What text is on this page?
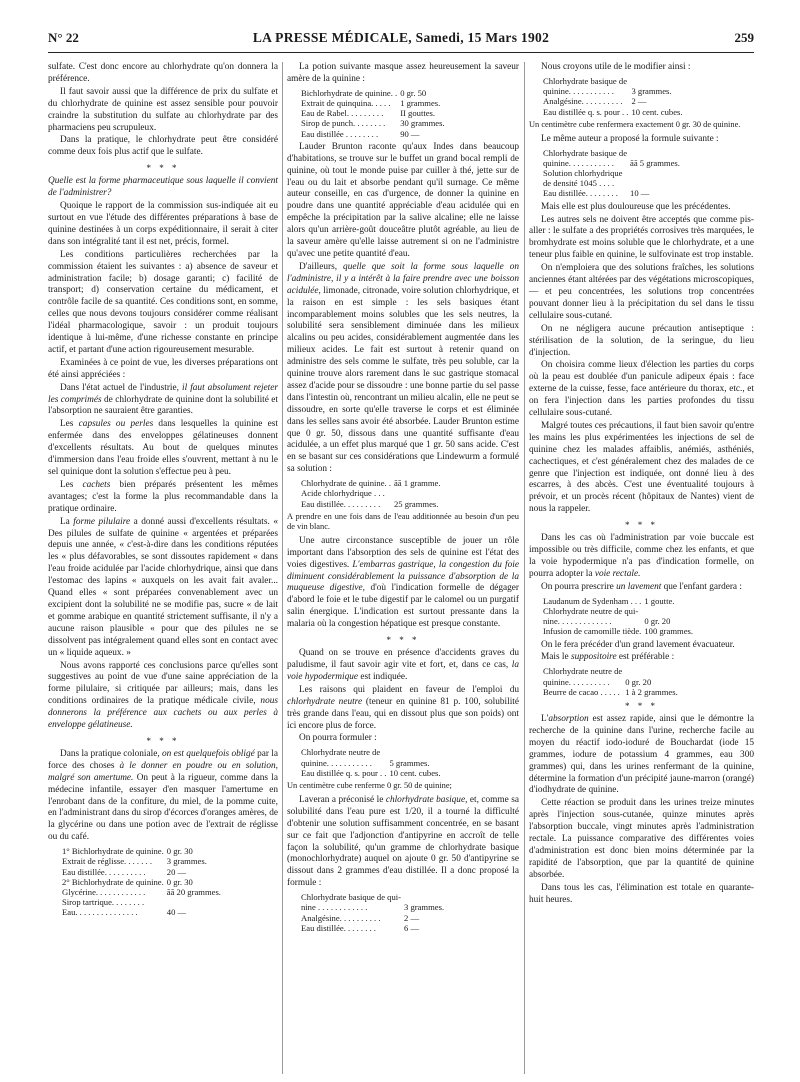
N° 22	LA PRESSE MÉDICALE, Samedi, 15 Mars 1902	259

sulfate. C'est donc encore au chlorhydrate qu'on donnera la préférence.

Il faut savoir aussi que la différence de prix du sulfate et du chlorhydrate de quinine est assez sensible pour pouvoir craindre la substitution du sulfate au chlorhydrate par des pharmaciens peu scrupuleux.

Dans la pratique, le chlorhydrate peut être considéré comme deux fois plus actif que le sulfate.

* * *

Quelle est la forme pharmaceutique sous laquelle il convient de l'administrer?

Quoique le rapport de la commission sus-indiquée ait eu surtout en vue l'étude des différentes préparations à base de quinine destinées à un corps expéditionnaire, il serait à citer dans son intégralité tant il est net, précis, formel.

Les conditions particulières recherchées par la commission étaient les suivantes : a) absence de saveur et administration facile; b) dosage garanti; c) facilité de transport; d) conservation certaine du médicament, et contrôle facile de sa quantité. Ces conditions sont, en somme, celles que nous devons toujours considérer comme réalisant l'idéal pharmacologique, savoir : un produit toujours identique à lui-même, d'une richesse constante en principe actif, et partant d'une action rigoureusement mesurable.

Examinées à ce point de vue, les diverses préparations ont été ainsi appréciées :

Dans l'état actuel de l'industrie, il faut absolument rejeter les comprimés de chlorhydrate de quinine dont la solubilité et l'absorption ne sauraient être garanties.

Les capsules ou perles dans lesquelles la quinine est enfermée dans des enveloppes gélatineuses donnent d'excellents résultats. Au bout de quelques minutes d'immersion dans l'eau froide elles s'ouvrent, mettant à nu le sel quinique dont la solution s'effectue peu à peu.

Les cachets bien préparés présentent les mêmes avantages; c'est la forme la plus recommandable dans la pratique ordinaire.

La forme pilulaire a donné aussi d'excellents résultats. « Des pilules de sulfate de quinine « argentées et préparées depuis une année, « c'est-à-dire dans les conditions réputées les « plus défavorables, se sont dissoutes rapidement « dans l'eau froide acidulée par l'acide chlorhydrique, ainsi que dans l'estomac des lapins « auxquels on les avait fait avaler... Quand elles « sont préparées convenablement avec un excipient dont la solubilité ne se modifie pas, sucre « de lait et gomme arabique en quantité strictement suffisante, il n'y a aucune raison plausible « pour que des pilules ne se dissolvent pas intégralement quand elles sont en contact avec un « liquide aqueux. »

Nous avons rapporté ces conclusions parce qu'elles sont suggestives au point de vue d'une saine appréciation de la forme pilulaire, si critiquée par ailleurs; mais, dans les conditions ordinaires de la pratique médicale civile, nous donnerons la préférence aux cachets ou aux perles à enveloppe gélatineuse.

* * *

Dans la pratique coloniale, on est quelquefois obligé par la force des choses à le donner en poudre ou en solution, malgré son amertume. On peut à la rigueur, comme dans la médecine infantile, essayer d'en masquer l'amertume en l'enrobant dans de la confiture, du miel, de la pomme cuite, en l'administrant dans du sirop d'écorces d'oranges amères, de la glycérine ou dans une potion avec de l'extrait de réglisse ou du café.

1° Bichlorhydrate de quinine.	0 gr. 30
Extrait de réglisse. . . . . . .	3 grammes.
Eau distillée. . . . . . . . . .	20 —
2° Bichlorhydrate de quinine.	0 gr. 30
Glycérine. . . . . . . . . . . .	āā 20 grammes.
Sirop tartrique. . . . . . . .	
Eau. . . . . . . . . . . . . . .	40 —

La potion suivante masque assez heureusement la saveur amère de la quinine :

Bichlorhydrate de quinine. .	0 gr. 50
Extrait de quinquina. . . . .	1 grammes.
Eau de Rabel. . . . . . . . .	II gouttes.
Sirop de punch. . . . . . . .	30 grammes.
Eau distillée . . . . . . . .	90 —

Lauder Brunton raconte qu'aux Indes dans beaucoup d'habitations, se trouve sur le buffet un grand bocal rempli de quinine, où tout le monde puise par cuiller à thé, jette sur de l'eau ou du lait et absorbe pendant qu'il surnage. Ce même auteur conseille, en cas d'urgence, de donner la quinine en poudre dans une quantité appréciable d'eau acidulée qui en empêche la précipitation par la salive alcaline; elle ne laisse alors qu'un arrière-goût douceâtre plutôt agréable, au lieu de la saveur amère qu'elle laisse autrement si on ne l'administre qu'avec une petite quantité d'eau.

D'ailleurs, quelle que soit la forme sous laquelle on l'administre, il y a intérêt à la faire prendre avec une boisson acidulée, limonade, citronade, voire solution chlorhydrique, et la raison en est simple : les sels basiques étant incomparablement moins solubles que les sels neutres, la solubilité sera sensiblement diminuée dans les milieux alcalins ou peu acides, considérablement augmentée dans les milieux acides. Le fait est surtout à retenir quand on administre des sels comme le sulfate, très peu soluble, car la quinine trouve alors rarement dans le suc gastrique stomacal assez d'acide pour se dissoudre : une bonne partie du sel passe dans l'intestin où, rencontrant un milieu alcalin, elle ne peut se dissoudre, en sorte qu'elle traverse le corps et est éliminée dans les selles sans avoir été absorbée. Lauder Brunton estime que 0 gr. 50, dissous dans une quantité suffisante d'eau acidulée, a un effet plus marqué que 1 gr. 50 sans acide. C'est en se basant sur ces considérations que Lindewurm a formulé sa solution :

Chlorhydrate de quinine. .	āā 1 gramme.
Acide chlorhydrique . . .	
Eau distillée. . . . . . . . .	25 grammes.

A prendre en une fois dans de l'eau additionnée au besoin d'un peu de vin blanc.

Une autre circonstance susceptible de jouer un rôle important dans l'absorption des sels de quinine est l'état des voies digestives. L'embarras gastrique, la congestion du foie diminuent considérablement la puissance d'absorption de la muqueuse digestive, d'où l'indication formelle de dégager d'abord le foie et le tube digestif par le calomel ou un purgatif salin énergique. L'indication est surtout pressante dans la malaria où la congestion hépatique est presque constante.

* * *

Quand on se trouve en présence d'accidents graves du paludisme, il faut savoir agir vite et fort, et, dans ce cas, la voie hypodermique est indiquée.

Les raisons qui plaident en faveur de l'emploi du chlorhydrate neutre (teneur en quinine 81 p. 100, solubilité très grande dans l'eau, qui en dissout plus que son poids) ont ici encore plus de force.

On pourra formuler :

Chlorhydrate neutre de	
quinine. . . . . . . . . . .	5 grammes.
Eau distillée q. s. pour . .	10 cent. cubes.

Un centimètre cube renferme 0 gr. 50 de quinine;

Laveran a préconisé le chlorhydrate basique, et, comme sa solubilité dans l'eau pure est 1/20, il a tourné la difficulté d'obtenir une solution suffisamment concentrée, en se basant sur ce fait que l'adjonction d'antipyrine en accroît de telle façon la solubilité, qu'un gramme de chlorhydrate basique (monochlorhydrate) auquel on ajoute 0 gr. 50 d'antipyrine se dissout dans 2 grammes d'eau distillée. Il a donc proposé la formule :

Chlorhydrate basique de qui-	
nine . . . . . . . . . . . .	3 grammes.
Analgésine. . . . . . . . . .	2 —
Eau distillée. . . . . . . .	6 —

Nous croyons utile de le modifier ainsi :

Chlorhydrate basique de	
quinine. . . . . . . . . . .	3 grammes.
Analgésine. . . . . . . . . .	2 —
Eau distillée q. s. pour . .	10 cent. cubes.

Un centimètre cube renfermera exactement 0 gr. 30 de quinine.

Le même auteur a proposé la formule suivante :

Chlorhydrate basique de	
quinine. . . . . . . . . . .	āā 5 grammes.
Solution chlorhydrique	
de densité 1045 . . . .	
Eau distillée. . . . . . . .	10 —

Mais elle est plus douloureuse que les précédentes.

Les autres sels ne doivent être acceptés que comme pis-aller : le sulfate a des propriétés corrosives très marquées, le bromhydrate est moins soluble que le chlorhydrate, et a une teneur plus faible en quinine, le sulfovinate est trop instable.

On n'emploiera que des solutions fraîches, les solutions anciennes étant altérées par des végétations microscopiques, — et peu concentrées, les solutions trop concentrées pouvant donner lieu à la précipitation du sel dans le tissu cellulaire sous-cutané.

On ne négligera aucune précaution antiseptique : stérilisation de la solution, de la seringue, du lieu d'injection.

On choisira comme lieux d'élection les parties du corps où la peau est doublée d'un panicule adipeux épais : face externe de la cuisse, fesse, face antérieure du thorax, etc., et on fera l'injection dans les parties profondes du tissu cellulaire sous-cutané.

Malgré toutes ces précautions, il faut bien savoir qu'entre les mains les plus expérimentées les injections de sel de quinine chez les malades affaiblis, anémiés, asthéniés, cachectiques, et c'est généralement chez des malades de ce genre que l'injection est indiquée, ont donné lieu à des escarres, à des abcès. C'est une éventualité toujours à prévoir, et un procès récent (hôpitaux de Nantes) vient de nous la rappeler.

* * *

Dans les cas où l'administration par voie buccale est impossible ou très difficile, comme chez les enfants, et que la voie hypodermique n'a pas d'indication formelle, on pourra adopter la voie rectale.

On pourra prescrire un lavement que l'enfant gardera :

Laudanum de Sydenham . . .	1 goutte.
Chlorhydrate neutre de qui-	
nine. . . . . . . . . . . . .	0 gr. 20
Infusion de camomille tiède.	100 grammes.

On le fera précéder d'un grand lavement évacuateur.

Mais le suppositoire est préférable :

Chlorhydrate neutre de	
quinine. . . . . . . . . .	0 gr. 20
Beurre de cacao . . . . .	1 à 2 grammes.
* * *

L'absorption est assez rapide, ainsi que le démontre la recherche de la quinine dans l'urine, recherche facile au moyen du réactif iodo-ioduré de Bouchardat (iode 15 grammes, iodure de potassium 4 grammes, eau 300 grammes) qui, dans les urines renfermant de la quinine, détermine la formation d'un précipité jaune-marron (orangé) d'iodhydrate de quinine.

Cette réaction se produit dans les urines treize minutes après l'injection sous-cutanée, quinze minutes après l'absorption buccale, vingt minutes après l'administration rectale. La puissance comparative des différentes voies d'administration est donc bien moins déterminée par la rapidité de l'absorption, que par la quantité de quinine absorbée.

Dans tous les cas, l'élimination est totale en quarante-huit heures.
